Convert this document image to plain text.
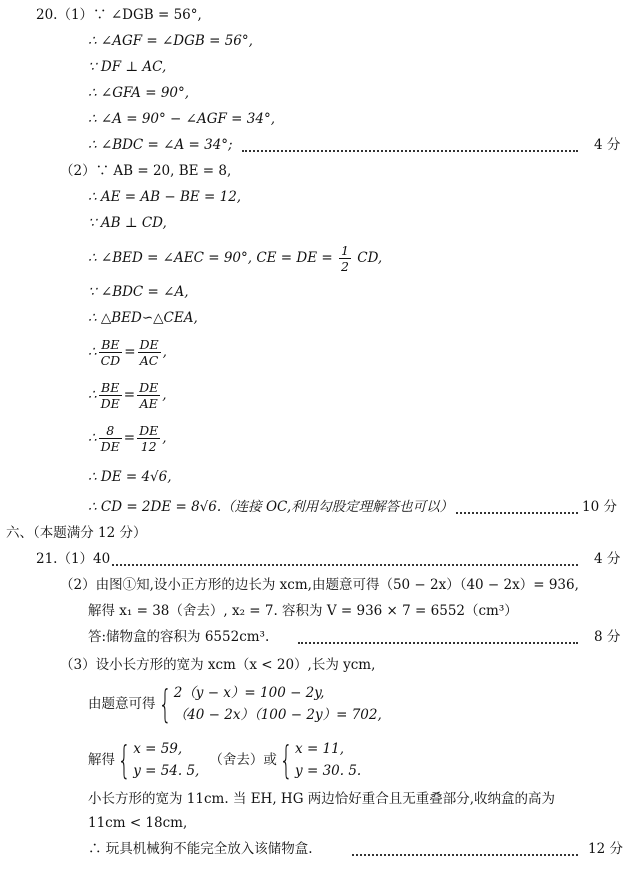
20.（1）∵ ∠DGB = 56°,
∴ ∠AGF = ∠DGB = 56°,
∵ DF ⊥ AC,
∴ ∠GFA = 90°,
∴ ∠A = 90° − ∠AGF = 34°,
∴ ∠BDC = ∠A = 34°;	4 分
（2）∵ AB = 20, BE = 8,
∴ AE = AB − BE = 12,
∵ AB ⊥ CD,
∴ ∠BED = ∠AEC = 90°, CE = DE = $\frac{1}{2}$ CD,
∵ ∠BDC = ∠A,
∴ △BED∽△CEA,
∴ $\frac{BE}{CD} = \frac{DE}{AC}$ ,
∴ $\frac{BE}{DE} = \frac{DE}{AE}$ ,
∴ $\frac{8}{DE} = \frac{DE}{12}$ ,
∴ DE = 4√6,
∴ CD = 2DE = 8√6.（连接 OC,利用勾股定理解答也可以）	10 分
六、（本题满分 12 分）
21.（1）40	4 分
（2）由图①知,设小正方形的边长为 xcm,由题意可得（50 − 2x）（40 − 2x）= 936,
解得 x₁ = 38（舍去）, x₂ = 7. 容积为 V = 936 × 7 = 6552（cm³）
答:储物盒的容积为 6552cm³.	8 分
（3）设小长方形的宽为 xcm（x < 20）,长为 ycm,
由题意可得{ 2（y − x）= 100 − 2y,
（40 − 2x）（100 − 2y）= 702,
解得{ x = 59,
y = 54. 5,
（舍去）或{ x = 11,
y = 30. 5.
小长方形的宽为 11cm. 当 EH, HG 两边恰好重合且无重叠部分,收纳盒的高为
11cm < 18cm,
∴ 玩具机械狗不能完全放入该储物盒.	12 分
